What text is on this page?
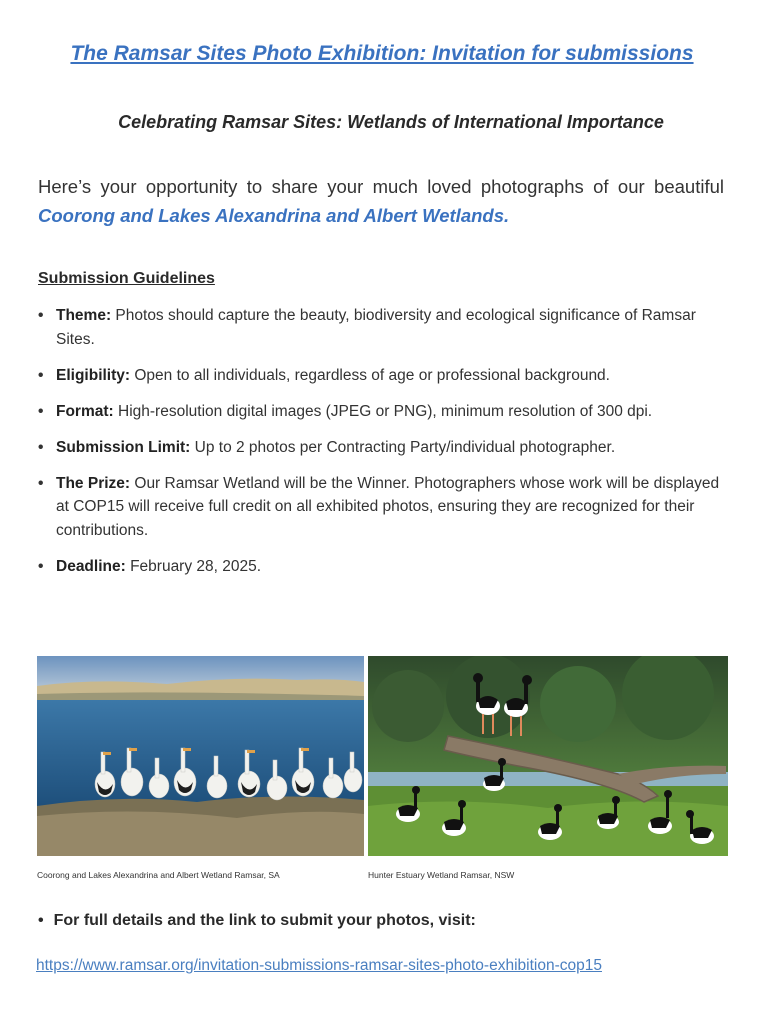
The Ramsar Sites Photo Exhibition: Invitation for submissions
Celebrating Ramsar Sites: Wetlands of International Importance

Here’s your opportunity to share your much loved photographs of our beautiful Coorong and Lakes Alexandrina and Albert Wetlands.

Submission Guidelines
• Theme: Photos should capture the beauty, biodiversity and ecological significance of Ramsar Sites.
• Eligibility: Open to all individuals, regardless of age or professional background.
• Format: High-resolution digital images (JPEG or PNG), minimum resolution of 300 dpi.
• Submission Limit: Up to 2 photos per Contracting Party/individual photographer.
• The Prize: Our Ramsar Wetland will be the Winner. Photographers whose work will be displayed at COP15 will receive full credit on all exhibited photos, ensuring they are recognized for their contributions.
• Deadline: February 28, 2025.

Coorong and Lakes Alexandrina and Albert Wetland Ramsar, SA	Hunter Estuary Wetland Ramsar, NSW

• For full details and the link to submit your photos, visit:

https://www.ramsar.org/invitation-submissions-ramsar-sites-photo-exhibition-cop15
